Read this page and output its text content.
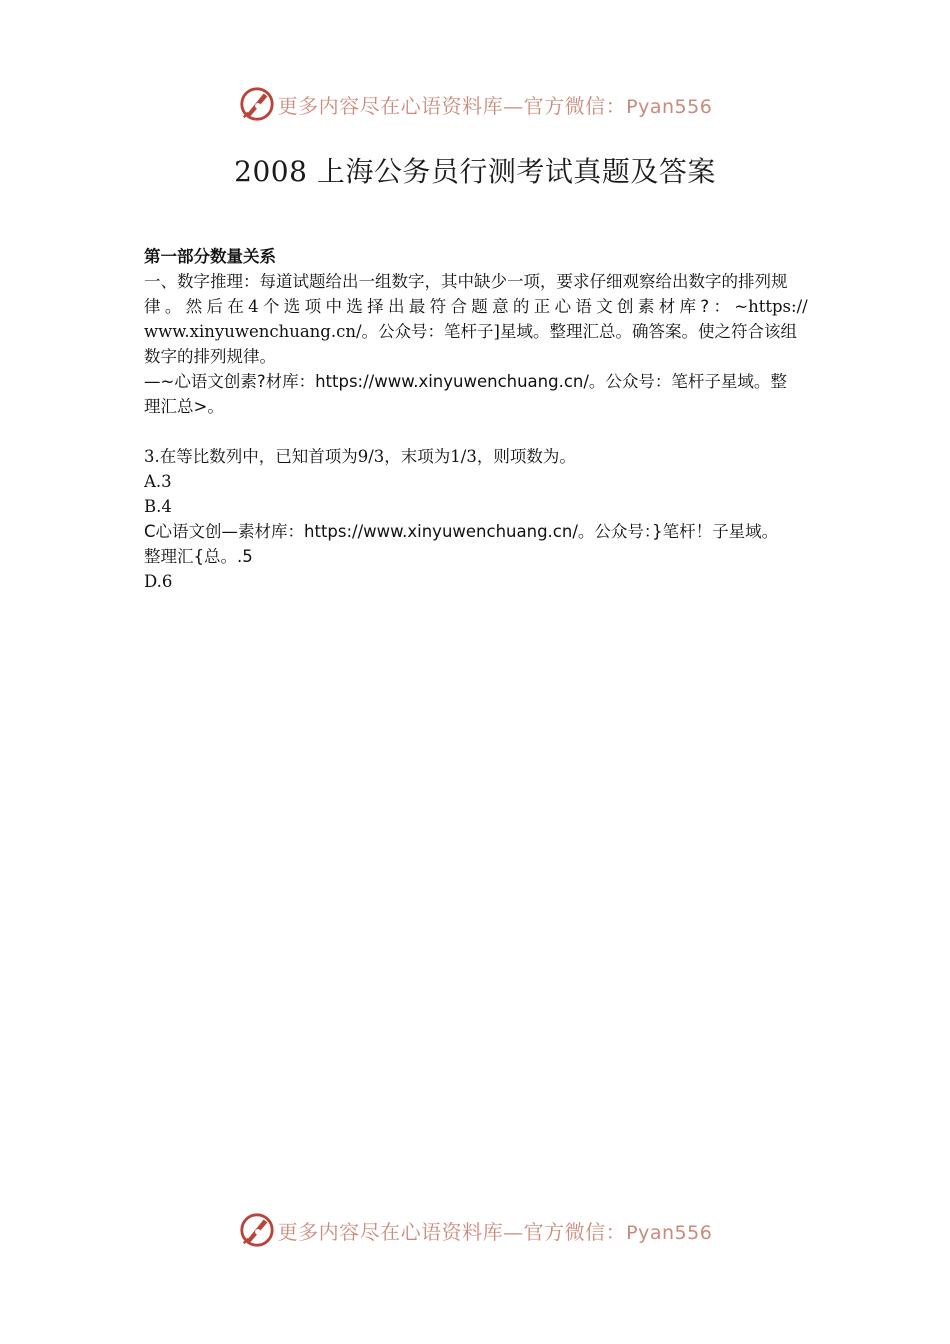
更多内容尽在心语资料库—官方微信：Pyan556
2008 上海公务员行测考试真题及答案
第一部分数量关系
一、数字推理：每道试题给出一组数字，其中缺少一项，要求仔细观察给出数字的排列规
律 。 然 后 在 4 个 选 项 中 选 择 出 最 符 合 题 意 的 正 心 语 文 创 素 材 库 ? ： ~https://
www.xinyuwenchuang.cn/。公众号：笔杆子]星域。整理汇总。确答案。使之符合该组
数字的排列规律。
—~心语文创素?材库：https://www.xinyuwenchuang.cn/。公众号：笔杆子星域。整
理汇总>。
3.在等比数列中，已知首项为9/3，末项为1/3，则项数为。
A.3
B.4
C心语文创—素材库：https://www.xinyuwenchuang.cn/。公众号：}笔杆！子星域。
整理汇{总。.5
D.6
更多内容尽在心语资料库—官方微信：Pyan556
